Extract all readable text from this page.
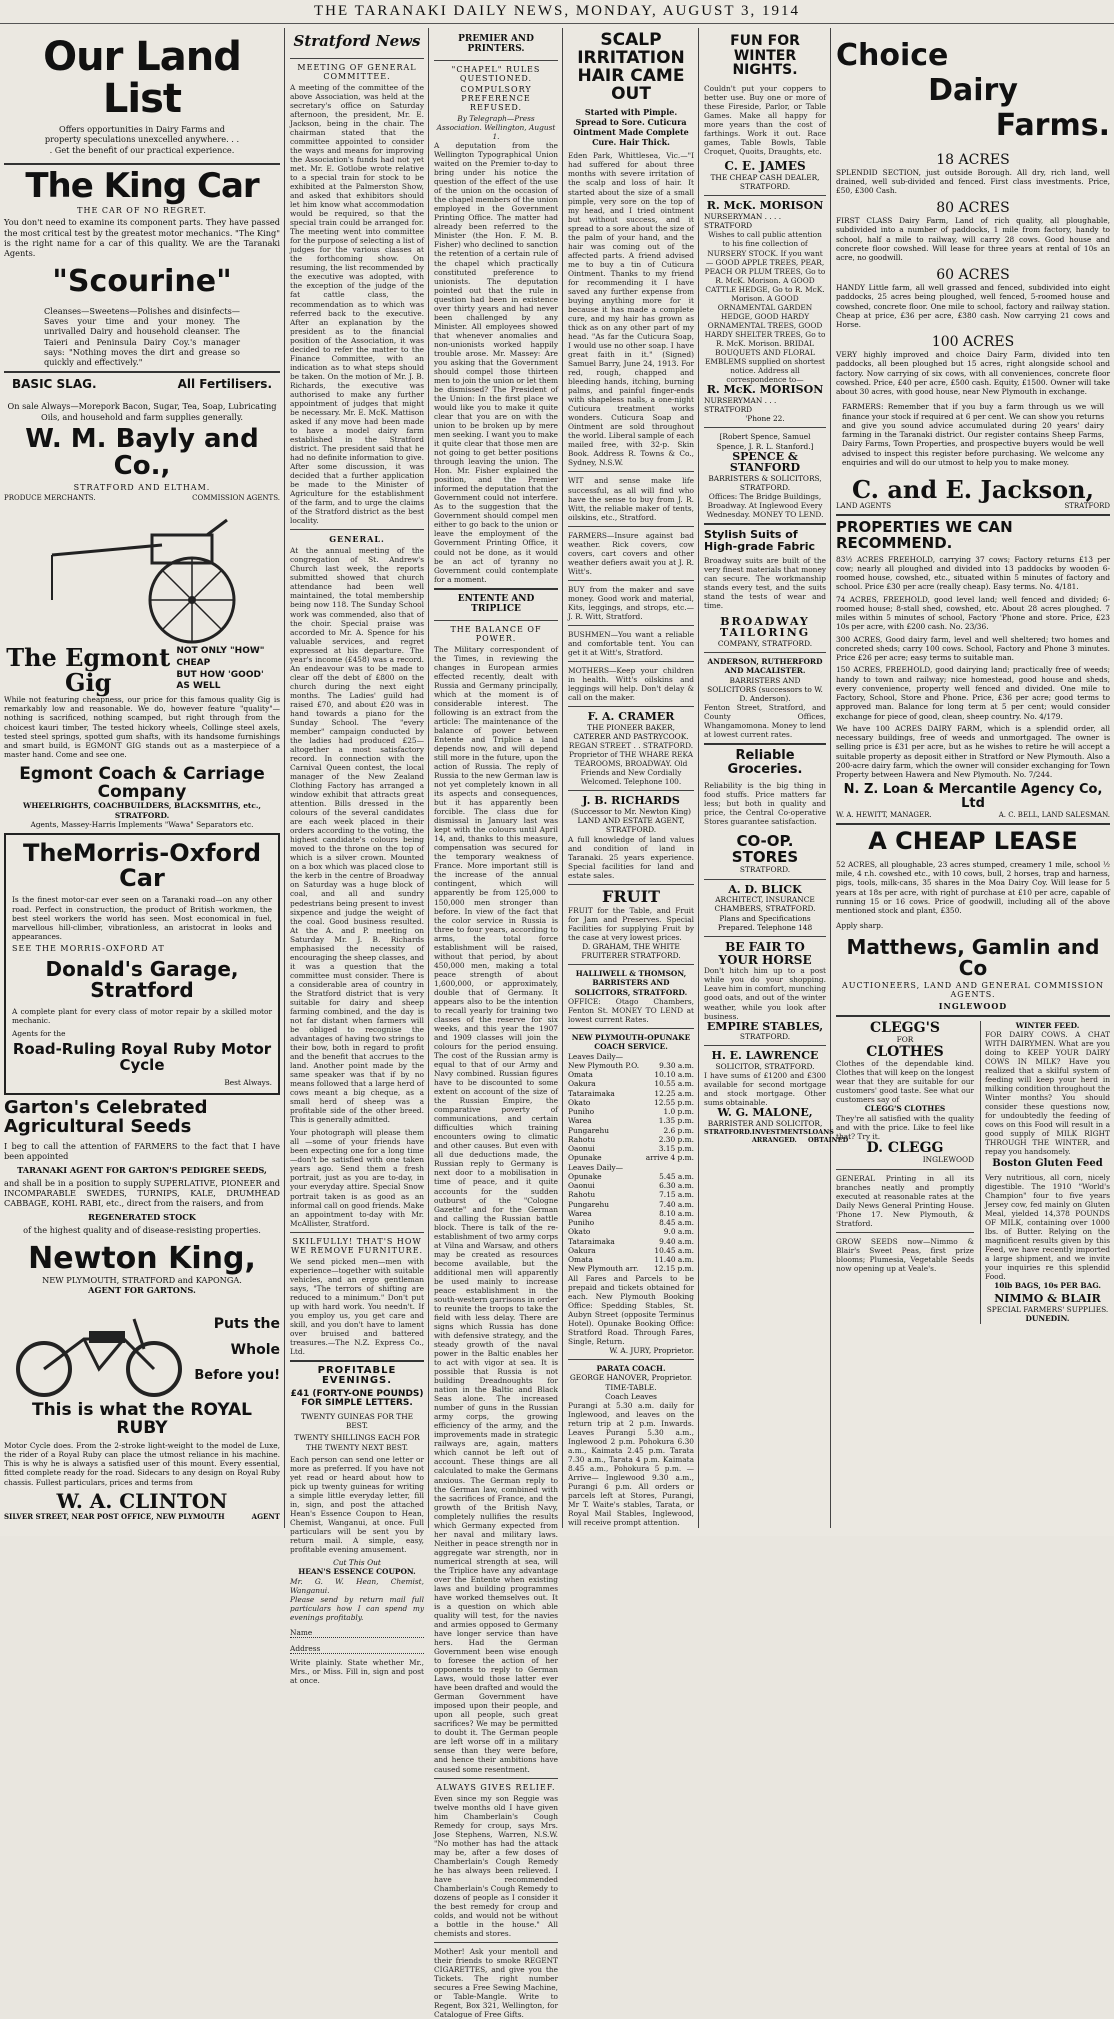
THE TARANAKI DAILY NEWS, MONDAY, AUGUST 3, 1914
Our Land List
Offers opportunities in Dairy Farms and property speculations unexcelled anywhere. . . . Get the benefit of our practical experience.
The King Car
THE CAR OF NO REGRET.
You don't need to examine its component parts. They have passed the most critical test by the greatest motor mechanics. "The King" is the right name for a car of this quality. We are the Taranaki Agents.
"Scourine"
Cleanses—Sweetens—Polishes and disinfects—Saves your time and your money. The unrivalled Dairy and household cleanser. The Taieri and Peninsula Dairy Coy.'s manager says: "Nothing moves the dirt and grease so quickly and effectively."
BASIC SLAG.	All Fertilisers.
On sale Always—Morepork Bacon, Sugar, Tea, Soap, Lubricating Oils, and household and farm supplies generally.
W. M. Bayly and Co.,
STRATFORD AND ELTHAM.
PRODUCE MERCHANTS.	COMMISSION AGENTS.
The Egmont Gig
NOT ONLY "HOW" CHEAP
BUT HOW 'GOOD' AS WELL
While not featuring cheapness, our price for this famous quality Gig is remarkably low and reasonable. We do, however feature "quality"—nothing is sacrificed, nothing scamped, but right through from the choicest kauri timber, The tested hickory wheels, Collinge steel axels, tested steel springs, spotted gum shafts, with its handsome furnishings and smart build, is EGMONT GIG stands out as a masterpiece of a master hand. Come and see one.
Egmont Coach & Carriage Company
WHEELRIGHTS, COACHBUILDERS, BLACKSMITHS, etc., STRATFORD.
Agents, Massey-Harris Implements "Wawa" Separators etc.
TheMorris-Oxford Car
Is the finest motor-car ever seen on a Taranaki road—on any other road. Perfect in construction, the product of British workmen, the best steel workers the world has seen. Most economical in fuel, marvellous hill-climber, vibrationless, an aristocrat in looks and appearances.
SEE THE MORRIS-OXFORD AT
Donald's Garage, Stratford
A complete plant for every class of motor repair by a skilled motor mechanic.
Agents for the
Road-Ruling Royal Ruby Motor Cycle
Best Always.
Garton's Celebrated Agricultural Seeds
I beg to call the attention of FARMERS to the fact that I have been appointed
TARANAKI AGENT FOR GARTON'S PEDIGREE SEEDS,
and shall be in a position to supply SUPERLATIVE, PIONEER and INCOMPARABLE SWEDES, TURNIPS, KALE, DRUMHEAD CABBAGE, KOHL RABI, etc., direct from the raisers, and from
REGENERATED STOCK
of the highest quality and of disease-resisting properties.
Newton King,
NEW PLYMOUTH, STRATFORD and KAPONGA.
AGENT FOR GARTONS.
Puts the
Whole
Before you!
This is what the ROYAL RUBY
Motor Cycle does. From the 2-stroke light-weight to the model de Luxe, the rider of a Royal Ruby can place the utmost reliance in his machine. This is why he is always a satisfied user of this mount. Every essential, fitted complete ready for the road. Sidecars to any design on Royal Ruby chassis. Fullest particulars, prices and terms from
W. A. CLINTON
SILVER STREET, NEAR POST OFFICE, NEW PLYMOUTH	AGENT
Stratford News
MEETING OF GENERAL COMMITTEE.
A meeting of the committee of the above Association, was held at the secretary's office on Saturday afternoon, the president, Mr. E. Jackson, being in the chair. The chairman stated that the committee appointed to consider the ways and means for improving the Association's funds had not yet met. Mr. E. Gotlobe wrote relative to a special train for stock to be exhibited at the Palmerston Show, and asked that exhibitors should let him know what accommodation would be required, so that the special train could be arranged for. The meeting went into committee for the purpose of selecting a list of judges for the various classes at the forthcoming show. On resuming, the list recommended by the executive was adopted, with the exception of the judge of the fat cattle class, the recommendation as to which was referred back to the executive. After an explanation by the president as to the financial position of the Association, it was decided to refer the matter to the Finance Committee, with an indication as to what steps should be taken. On the motion of Mr. J. B. Richards, the executive was authorised to make any further appointment of judges that might be necessary. Mr. E. McK. Mattison asked if any move had been made to have a model dairy farm established in the Stratford district. The president said that he had no definite information to give. After some discussion, it was decided that a further application be made to the Minister of Agriculture for the establishment of the farm, and to urge the claims of the Stratford district as the best locality.
GENERAL.
At the annual meeting of the congregation of St. Andrew's Church last week, the reports submitted showed that church attendance had been well maintained, the total membership being now 118. The Sunday School work was commended, also that of the choir. Special praise was accorded to Mr. A. Spence for his valuable services, and regret expressed at his departure. The year's income (£458) was a record. An endeavour was to be made to clear off the debt of £800 on the church during the next eight months. The Ladies' guild had raised £70, and about £20 was in hand towards a piano for the Sunday School. The "every member" campaign conducted by the ladies had produced £25—altogether a most satisfactory record. In connection with the Carnival Queen contest, the local manager of the New Zealand Clothing Factory has arranged a window exhibit that attracts great attention. Bills dressed in the colours of the several candidates are each week placed in their orders according to the voting, the highest candidate's colours being moved to the throne on the top of which is a silver crown. Mounted on a box which was placed close to the kerb in the centre of Broadway on Saturday was a huge block of coal, and all and sundry pedestrians being present to invest sixpence and judge the weight of the coal. Good business resulted. At the A. and P. meeting on Saturday Mr. J. B. Richards emphasised the necessity of encouraging the sheep classes, and it was a question that the committee must consider. There is a considerable area of country in the Stratford district that is very suitable for dairy and sheep farming combined, and the day is not far distant when farmers will be obliged to recognise the advantages of having two strings to their bow, both in regard to profit and the benefit that accrues to the land. Another point made by the same speaker was that if by no means followed that a large herd of cows meant a big cheque, as a small herd of sheep was a profitable side of the other breed. This is generally admitted.
Your photograph will please them all —some of your friends have been expecting one for a long time—don't be satisfied with one taken years ago. Send them a fresh portrait, just as you are to-day, in your everyday attire. Special Snow portrait taken is as good as an informal call on good friends. Make an appointment to-day with Mr. McAllister, Stratford.
SKILFULLY! THAT'S HOW WE REMOVE FURNITURE.
We send picked men—men with experience—together with suitable vehicles, and an ergo gentleman says, "The terrors of shifting are reduced to a minimum." Don't put up with hard work. You needn't. If you employ us, you get care and skill, and you don't have to lament over bruised and battered treasures.—The N.Z. Express Co., Ltd.
PROFITABLE EVENINGS.
£41 (FORTY-ONE POUNDS) FOR SIMPLE LETTERS.
TWENTY GUINEAS FOR THE BEST.
TWENTY SHILLINGS EACH FOR THE TWENTY NEXT BEST.
Each person can send one letter or more as preferred. If you have not yet read or heard about how to pick up twenty guineas for writing a simple little everyday letter, fill in, sign, and post the attached Hean's Essence Coupon to Hean, Chemist, Wanganui, at once. Full particulars will be sent you by return mail. A simple, easy, profitable evening amusement.
Cut This Out
HEAN'S ESSENCE COUPON.
Mr. G. W. Hean, Chemist, Wanganui.
Please send by return mail full particulars how I can spend my evenings profitably.
Name
Address
Write plainly. State whether Mr., Mrs., or Miss. Fill in, sign and post at once.
PREMIER AND PRINTERS.
"CHAPEL" RULES QUESTIONED.
COMPULSORY PREFERENCE REFUSED.
By Telegraph—Press Association. Wellington, August 1.
A deputation from the Wellington Typographical Union waited on the Premier to-day to bring under his notice the question of the effect of the use of the union on the occasion of the chapel members of the union employed in the Government Printing Office. The matter had already been referred to the Minister (the Hon. F. M. B. Fisher) who declined to sanction the retention of a certain rule of the chapel which practically constituted preference to unionists. The deputation pointed out that the rule in question had been in existence over thirty years and had never been challenged by any Minister. All employees showed that whenever anomalies and non-unionists worked happily trouble arose. Mr. Massey: Are you asking that the Government should compel those thirteen men to join the union or let them be dismissed? The President of the Union: In the first place we would like you to make it quite clear that you are on with the union to be broken up by mere men seeking. I want you to make it quite clear that those men are not going to get better positions through leaving the union. The Hon. Mr. Fisher explained the position, and the Premier informed the deputation that the Government could not interfere. As to the suggestion that the Government should compel men either to go back to the union or leave the employment of the Government Printing Office, it could not be done, as it would be an act of tyranny no Government could contemplate for a moment.
ENTENTE AND TRIPLICE
THE BALANCE OF POWER.
The Military correspondent of the Times, in reviewing the changes in European armies effected recently, dealt with Russia and Germany principally, which at the moment is of considerable interest. The following is an extract from the article: The maintenance of the balance of power between Entente and Triplice a land depends now, and will depend still more in the future, upon the action of Russia. The reply of Russia to the new German law is not yet completely known in all its aspects and consequences, but it has apparently been forcible. The class due for dismissal in January last was kept with the colours until April 14, and, thanks to this measure, compensation was secured for the temporary weakness of France. More important still is the increase of the annual contingent, which will apparently be from 125,000 to 150,000 men stronger than before. In view of the fact that the color service in Russia is three to four years, according to arms, the total force establishment will be raised, without that period, by about 450,000 men, making a total peace strength of about 1,600,000, or approximately, double that of Germany. It appears also to be the intention to recall yearly for training two classes of the reserve for six weeks, and this year the 1907 and 1909 classes will join the colours for the period ensuing. The cost of the Russian army is equal to that of our Army and Navy combined. Russian figures have to be discounted to some extent on account of the size of the Russian Empire, the comparative poverty of communications, and certain difficulties which training encounters owing to climatic and other causes. But even with all due deductions made, the Russian reply to Germany is next door to a mobilisation in time of peace, and it quite accounts for the sudden outburst of the "Cologne Gazette" and for the German and calling the Russian battle block. There is talk of the re-establishment of two army corps at Vilna and Warsaw, and others may be created as resources become available, but the additional men will apparently be used mainly to increase peace establishment in the south-western garrisons in order to reunite the troops to take the field with less delay. There are signs which Russia has done with defensive strategy, and the steady growth of the naval power in the Baltic enables her to act with vigor at sea. It is possible that Russia is not building Dreadnoughts for nation in the Baltic and Black Seas alone. The increased number of guns in the Russian army corps, the growing efficiency of the army, and the improvements made in strategic railways are, again, matters which cannot be left out of account. These things are all calculated to make the Germans anxious. The German reply to the German law, combined with the sacrifices of France, and the growth of the British Navy, completely nullifies the results which Germany expected from her naval and military laws. Neither in peace strength nor in aggregate war strength, nor in numerical strength at sea, will the Triplice have any advantage over the Entente when existing laws and building programmes have worked themselves out. It is a question on which able quality will test, for the navies and armies opposed to Germany have longer service than have hers. Had the German Government been wise enough to foresee the action of her opponents to reply to German Laws, would those latter ever have been drafted and would the German Government have imposed upon their people, and upon all people, such great sacrifices? We may be permitted to doubt it. The German people are left worse off in a military sense than they were before, and hence their ambitions have caused some resentment.
ALWAYS GIVES RELIEF.
Even since my son Reggie was twelve months old I have given him Chamberlain's Cough Remedy for croup, says Mrs. Jose Stephens, Warren, N.S.W. "No mother has had the attack may be, after a few doses of Chamberlain's Cough Remedy he has always been relieved. I have recommended Chamberlain's Cough Remedy to dozens of people as I consider it the best remedy for croup and colds, and would not be without a bottle in the house." All chemists and stores.
Mother! Ask your mentoll and their friends to smoke REGENT CIGARETTES, and give you the Tickets. The right number secures a Free Sewing Machine, or Table-Mangle. Write to Regent, Box 321, Wellington, for Catalogue of Free Gifts.
SCALP IRRITATION HAIR CAME OUT
Started with Pimple. Spread to Sore. Cuticura Ointment Made Complete Cure. Hair Thick.
Eden Park, Whittlesea, Vic.—"I had suffered for about three months with severe irritation of the scalp and loss of hair. It started about the size of a small pimple, very sore on the top of my head, and I tried ointment but without success, and it spread to a sore about the size of the palm of your hand, and the hair was coming out of the affected parts. A friend advised me to buy a tin of Cuticura Ointment. Thanks to my friend for recommending it I have saved any further expense from buying anything more for it because it has made a complete cure, and my hair has grown as thick as on any other part of my head. "As far the Cuticura Soap, I would use no other soap. I have great faith in it." (Signed) Samuel Barry, June 24, 1913. For red, rough, chapped and bleeding hands, itching, burning palms, and painful finger-ends with shapeless nails, a one-night Cuticura treatment works wonders. Cuticura Soap and Ointment are sold throughout the world. Liberal sample of each mailed free, with 32-p. Skin Book. Address R. Towns & Co., Sydney, N.S.W.
WIT and sense make life successful, as all will find who have the sense to buy from J. R. Witt, the reliable maker of tents, oilskins, etc., Stratford.
FARMERS—Insure against bad weather. Rick covers, cow covers, cart covers and other weather defiers await you at J. R. Witt's.
BUY from the maker and save money. Good work and material, Kits, leggings, and strops, etc.—J. R. Witt, Stratford.
BUSHMEN—You want a reliable and comfortable tent. You can get it at Witt's, Stratford.
MOTHERS—Keep your children in health. Witt's oilskins and leggings will help. Don't delay & call on the maker.
F. A. CRAMER
THE PIONEER BAKER, CATERER AND PASTRYCOOK.
REGAN STREET . . STRATFORD. Proprietor of THE WHARE REKA TEAROOMS, BROADWAY. Old Friends and New Cordially Welcomed. Telephone 100.
J. B. RICHARDS
(Successor to Mr. Newton King) LAND AND ESTATE AGENT, STRATFORD.
A full knowledge of land values and condition of land in Taranaki. 25 years experience. Special facilities for land and estate sales.
FRUIT
FRUIT for the Table, and Fruit for Jam and Preserves. Special Facilities for supplying Fruit by the case at very lowest prices.
D. GRAHAM, THE WHITE FRUITERER STRATFORD.
HALLIWELL & THOMSON, BARRISTERS AND SOLICITORS, STRATFORD.
OFFICE: Otago Chambers, Fenton St. MONEY TO LEND at lowest current Rates.
NEW PLYMOUTH-OPUNAKE COACH SERVICE.
Leaves Daily—
New Plymouth P.O.	9.30 a.m.
Omata	10.10 a.m.
Oakura	10.55 a.m.
Tataraimaka	12.25 a.m.
Okato	12.55 p.m.
Puniho	1.0 p.m.
Warea	1.35 p.m.
Pungarehu	2.6 p.m.
Rahotu	2.30 p.m.
Oaonui	3.15 p.m.
Opunake	arrive 4 p.m.
Leaves Daily—
Opunake	5.45 a.m.
Oaonui	6.30 a.m.
Rahotu	7.15 a.m.
Pungarehu	7.40 a.m.
Warea	8.10 a.m.
Puniho	8.45 a.m.
Okato	9.0 a.m.
Tataraimaka	9.40 a.m.
Oakura	10.45 a.m.
Omata	11.40 a.m.
New Plymouth arr. 12.15 p.m.
All Fares and Parcels to be prepaid and tickets obtained for each. New Plymouth Booking Office: Spedding Stables, St. Aubyn Street (opposite Terminus Hotel). Opunake Booking Office: Stratford Road. Through Fares, Single, Return.
W. A. JURY, Proprietor.
PARATA COACH.
GEORGE HANOVER, Proprietor. TIME-TABLE.
Coach Leaves
Purangi at 5.30 a.m. daily for Inglewood, and leaves on the return trip at 2 p.m. Inwards. Leaves Purangi 5.30 a.m., Inglewood 2 p.m. Pohokura 6.30 a.m., Kaimata 2.45 p.m. Tarata 7.30 a.m., Tarata 4 p.m. Kaimata 8.45 a.m., Pohokura 5 p.m. —Arrive— Inglewood 9.30 a.m., Purangi 6 p.m. All orders or parcels left at Stores, Purangi, Mr T. Waite's stables, Tarata, or Royal Mail Stables, Inglewood, will receive prompt attention.
FUN FOR WINTER NIGHTS.
Couldn't put your coppers to better use. Buy one or more of these Fireside, Parlor, or Table Games. Make all happy for more years than the cost of farthings. Work it out. Race games, Table Bowls, Table Croquet, Quoits, Draughts, etc.
C. E. JAMES
THE CHEAP CASH DEALER, STRATFORD.
R. McK. MORISON
NURSERYMAN . . . . STRATFORD
Wishes to call public attention to his fine collection of NURSERY STOCK. If you want— GOOD APPLE TREES, PEAR, PEACH OR PLUM TREES, Go to R. McK. Morison. A GOOD CATTLE HEDGE, Go to R. McK. Morison. A GOOD ORNAMENTAL GARDEN HEDGE, GOOD HARDY ORNAMENTAL TREES, GOOD HARDY SHELTER TREES, Go to R. McK. Morison. BRIDAL BOUQUETS AND FLORAL EMBLEMS supplied on shortest notice. Address all correspondence to—
R. McK. MORISON
NURSERYMAN . . . STRATFORD
'Phone 22.
[Robert Spence, Samuel Spence, J. R. L. Stanford.]
SPENCE & STANFORD
BARRISTERS & SOLICITORS, STRATFORD.
Offices: The Bridge Buildings, Broadway. At Inglewood Every Wednesday. MONEY TO LEND.
Stylish Suits of High-grade Fabric
Broadway suits are built of the very finest materials that money can secure. The workmanship stands every test, and the suits stand the tests of wear and time.
BROADWAY TAILORING
COMPANY, STRATFORD.
ANDERSON, RUTHERFORD AND MACALISTER.
BARRISTERS AND SOLICITORS (successors to W. D. Anderson).
Fenton Street, Stratford, and County Offices, Whangamomona. Money to lend at lowest current rates.
Reliable Groceries.
Reliability is the big thing in food stuffs. Price matters far less; but both in quality and price, the Central Co-operative Stores guarantee satisfaction.
CO-OP. STORES
STRATFORD.
A. D. BLICK
ARCHITECT, INSURANCE CHAMBERS, STRATFORD.
Plans and Specifications Prepared. Telephone 148
BE FAIR TO YOUR HORSE
Don't hitch him up to a post while you do your shopping. Leave him in comfort, munching good oats, and out of the winter weather, while you look after business.
EMPIRE STABLES,
STRATFORD.
H. E. LAWRENCE
SOLICITOR, STRATFORD.
I have sums of £1200 and £300 available for second mortgage and stock mortgage. Other sums obtainable.
W. G. MALONE,
BARRISTER AND SOLICITOR,
STRATFORD. INVESTMENTS ARRANGED.
LOANS OBTAINED
Choice
Dairy
Farms.
18 ACRES
SPLENDID SECTION, just outside Borough. All dry, rich land, well drained, well sub-divided and fenced. First class investments. Price, £50, £300 Cash.
80 ACRES
FIRST CLASS Dairy Farm, Land of rich quality, all ploughable, subdivided into a number of paddocks, 1 mile from factory, handy to school, half a mile to railway, will carry 28 cows. Good house and concrete floor cowshed. Will lease for three years at rental of 10s an acre, no goodwill.
60 ACRES
HANDY Little farm, all well grassed and fenced, subdivided into eight paddocks, 25 acres being ploughed, well fenced, 5-roomed house and cowshed, concrete floor. One mile to school, factory and railway station. Cheap at price, £36 per acre, £380 cash. Now carrying 21 cows and Horse.
100 ACRES
VERY highly improved and choice Dairy Farm, divided into ten paddocks, all been ploughed but 15 acres, right alongside school and factory. Now carrying of six cows, with all conveniences, concrete floor cowshed. Price, £40 per acre, £500 cash. Equity, £1500. Owner will take about 30 acres, with good house, near New Plymouth in exchange.
FARMERS: Remember that if you buy a farm through us we will finance your stock if required at 6 per cent. We can show you returns and give you sound advice accumulated during 20 years' dairy farming in the Taranaki district. Our register contains Sheep Farms, Dairy Farms, Town Properties, and prospective buyers would be well advised to inspect this register before purchasing. We welcome any enquiries and will do our utmost to help you to make money.
C. and E. Jackson,
LAND AGENTS	STRATFORD
PROPERTIES WE CAN RECOMMEND.
83½ ACRES FREEHOLD, carrying 37 cows; Factory returns £13 per cow; nearly all ploughed and divided into 13 paddocks by wooden 6-roomed house, cowshed, etc., situated within 5 minutes of factory and school. Price £30 per acre (really cheap). Easy terms. No. 4/181.
74 ACRES, FREEHOLD, good level land; well fenced and divided; 6-roomed house; 8-stall shed, cowshed, etc. About 28 acres ploughed. 7 miles within 5 minutes of school, Factory 'Phone and store. Price, £23 10s per acre, with £200 cash. No. 23/36.
300 ACRES, Good dairy farm, level and well sheltered; two homes and concreted sheds; carry 100 cows. School, Factory and Phone 3 minutes. Price £26 per acre; easy terms to suitable man.
150 ACRES, FREEHOLD, good dairying land; practically free of weeds; handy to town and railway; nice homestead, good house and sheds, every convenience, property well fenced and divided. One mile to Factory, School, Store and Phone. Price, £36 per acre; good terms to approved man. Balance for long term at 5 per cent; would consider exchange for piece of good, clean, sheep country. No. 4/179.
We have 100 ACRES DAIRY FARM, which is a splendid order, all necessary buildings, free of weeds and unmortgaged. The owner is selling price is £31 per acre, but as he wishes to retire he will accept a suitable property as deposit either in Stratford or New Plymouth. Also a 200-acre dairy farm, which the owner will consider exchanging for Town Property between Hawera and New Plymouth. No. 7/244.
N. Z. Loan & Mercantile Agency Co, Ltd
W. A. HEWITT, MANAGER.	A. C. BELL, LAND SALESMAN.
A CHEAP LEASE
52 ACRES, all ploughable, 23 acres stumped, creamery 1 mile, school ½ mile, 4 r.h. cowshed etc., with 10 cows, bull, 2 horses, trap and harness, pigs, tools, milk-cans, 35 shares in the Moa Dairy Coy. Will lease for 5 years at 18s per acre, with right of purchase at £10 per acre, capable of running 15 or 16 cows. Price of goodwill, including all of the above mentioned stock and plant, £350.
Apply sharp.
Matthews, Gamlin and Co
AUCTIONEERS, LAND AND GENERAL COMMISSION AGENTS.
INGLEWOOD
CLEGG'S
FOR
CLOTHES
Clothes of the dependable kind. Clothes that will keep on the longest wear that they are suitable for our customers' good taste. See what our customers say of
CLEGG'S CLOTHES
They're all satisfied with the quality and with the price. Like to feel like that? Try it.
D. CLEGG
INGLEWOOD
GENERAL Printing in all its branches neatly and promptly executed at reasonable rates at the Daily News General Printing House. 'Phone 17. New Plymouth, & Stratford.
GROW SEEDS now—Nimmo & Blair's Sweet Peas, first prize blooms; Plumesia, Vegetable Seeds now opening up at Veale's.
WINTER FEED.
FOR DAIRY COWS. A CHAT WITH DAIRYMEN. What are you doing to KEEP YOUR DAIRY COWS IN MILK? Have you realized that a skilful system of feeding will keep your herd in milking condition throughout the Winter months? You should consider these questions now, for undoubtedly the feeding of cows on this Food will result in a good supply of MILK RIGHT THROUGH THE WINTER, and repay you handsomely.
Boston Gluten Feed
Very nutritious, all corn, nicely digestible. The 1910 "World's Champion" four to five years Jersey cow, fed mainly on Gluten Meal, yielded 14,378 POUNDS OF MILK, containing over 1000 lbs. of Butter. Relying on the magnificent results given by this Feed, we have recently imported a large shipment, and we invite your inquiries re this splendid Food.
10lb BAGS, 10s PER BAG.
NIMMO & BLAIR
SPECIAL FARMERS' SUPPLIES.
DUNEDIN.
